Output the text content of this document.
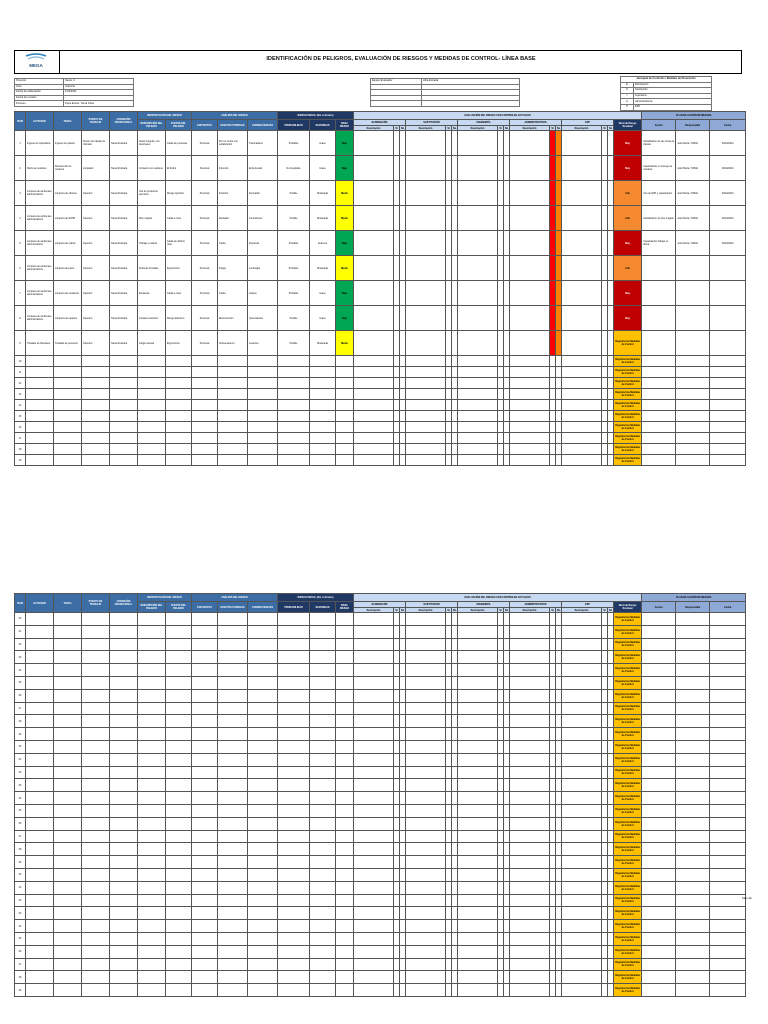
MEGA
IDENTIFICACIÓN DE PELIGROS, EVALUACIÓN DE RIESGOS Y MEDIDAS DE CONTROL- LÍNEA BASE
Proyecto	Nexus 4
Área	Industria
Fecha de elaboración	1/03/2021
Fecha de revisión	-
Proceso	Pupa Extrac. Tierra Chas
Equipo Evaluador	Alfra Entrada

Jerarquía de Controles / Medidas de Prevención	
E	Eliminación
S	Sustitución
I	Ingeniería
A	Administrativos
P	EPP
ITEM	ACTIVIDAD	TAREA	PUESTO DE TRABAJO	CONDICIÓN OPERACIONAL	IDENTIFICACIÓN DEL RIESGO		ANÁLISIS DEL RIESGO			RIESGO INICIAL (Sin controles)			EVALUACIÓN DEL RIESGO CON CONTROLES ACTUALES																PLAN DE ACCIÓN DE MEJORA		
					DESCRIPCIÓN DEL PELIGRO	FUENTE DEL PELIGRO	EXPUESTOS	EFECTOS POSIBLES	CONSECUENCIAS	PROBABILIDAD	SEVERIDAD	NIVEL RIESGO	ELIMINACIÓN			SUSTITUCIÓN			INGENIERÍA			ADMINISTRATIVOS			EPP			Nivel de Riesgo Residual	Acción	Responsable	Fecha
													Descripción	Sí	No	Descripción	Sí	No	Descripción	Sí	No	Descripción	Sí	No	Descripción	Sí	No				
1	Ingreso de Operadora	Ingreso a la planta	Puesto de trabajo de Ubicado	Tarea Rutinaria	Suelo irregular, con desniveles	Caída de personas	Personal	Por no contar con señalización	Traumatismo	Probable	Grave	Bajo																Muy	Señalización de las zonas de tránsito	Jefe Planta / SSMA	30/04/2021
2	Retiro de residuos	Recolección de residuos	Limpiador	Tarea Rutinaria	Contacto con residuos	El Retiro	Personal	Infección	Enfermedad	No Aceptable	Grave	Bajo																Muy	Capacitación en manejo de residuos	Jefe Planta / SSMA	30/04/2021
3	Limpieza de ambientes administrativos	Limpieza de oficinas	Operario	Tarea Rutinaria	Uso de productos químicos	Riesgo Químico	Personal	Irritación	Dermatitis	Posible	Moderada	Medio																Alto	Uso de EPP y capacitación	Jefe Planta / SSMA	30/04/2021
4	Limpieza de ambientes administrativos	Limpieza de SSHH	Operario	Tarea Rutinaria	Piso mojado	Caída a nivel	Personal	Resbalón	Contusiones	Posible	Moderada	Medio																Alto	Señalización de piso mojado	Jefe Planta / SSMA	30/04/2021
5	Limpieza de ambientes administrativos	Limpieza de vidrios	Operario	Tarea Rutinaria	Trabajo en altura	Caída de distinto nivel	Personal	Caída	Fracturas	Probable	Extrema	Bajo																Muy	Capacitación trabajo en altura	Jefe Planta / SSMA	30/04/2021
6	Limpieza de ambientes administrativos	Limpieza de pisos	Operario	Tarea Rutinaria	Posturas forzadas	Ergonómico	Personal	Fatiga	Lumbalgia	Probable	Moderada	Medio																Alto			
7	Limpieza de ambientes administrativos	Limpieza de escaleras	Operario	Tarea Rutinaria	Escaleras	Caída a nivel	Personal	Caída	Golpes	Probable	Grave	Bajo																Muy			
8	Limpieza de ambientes administrativos	Limpieza de equipos	Operario	Tarea Rutinaria	Contacto eléctrico	Riesgo Eléctrico	Personal	Electrocución	Quemaduras	Posible	Grave	Bajo																Muy			
9	Traslado de Residuos	Traslado de personal	Operario	Tarea Rutinaria	Carga manual	Ergonómico	Personal	Sobreesfuerzo	Lesiones	Posible	Moderada	Medio																Registrar las Medidas de Control			
10																												Registrar las Medidas de Control			
11																												Registrar las Medidas de Control			
12																												Registrar las Medidas de Control			
13																												Registrar las Medidas de Control			
14																												Registrar las Medidas de Control			
15																												Registrar las Medidas de Control			
16																												Registrar las Medidas de Control			
17																												Registrar las Medidas de Control			
18																												Registrar las Medidas de Control			
19																												Registrar las Medidas de Control			
ITEM	ACTIVIDAD	TAREA	PUESTO DE TRABAJO	CONDICIÓN OPERACIONAL	IDENTIFICACIÓN DEL RIESGO		ANÁLISIS DEL RIESGO			RIESGO INICIAL (Sin controles)			EVALUACIÓN DEL RIESGO CON CONTROLES ACTUALES																PLAN DE ACCIÓN DE MEJORA		
					DESCRIPCIÓN DEL PELIGRO	FUENTE DEL PELIGRO	EXPUESTOS	EFECTOS POSIBLES	CONSECUENCIAS	PROBABILIDAD	SEVERIDAD	NIVEL RIESGO	ELIMINACIÓN			SUSTITUCIÓN			INGENIERÍA			ADMINISTRATIVOS			EPP			Nivel de Riesgo Residual	Acción	Responsable	Fecha
													Descripción	Sí	No	Descripción	Sí	No	Descripción	Sí	No	Descripción	Sí	No	Descripción	Sí	No				
20																												Registrar las Medidas de Control			
21																												Registrar las Medidas de Control			
22																												Registrar las Medidas de Control			
23																												Registrar las Medidas de Control			
24																												Registrar las Medidas de Control			
25																												Registrar las Medidas de Control			
26																												Registrar las Medidas de Control			
27																												Registrar las Medidas de Control			
28																												Registrar las Medidas de Control			
29																												Registrar las Medidas de Control			
30																												Registrar las Medidas de Control			
31																												Registrar las Medidas de Control			
32																												Registrar las Medidas de Control			
33																												Registrar las Medidas de Control			
34																												Registrar las Medidas de Control			
35																												Registrar las Medidas de Control			
36																												Registrar las Medidas de Control			
37																												Registrar las Medidas de Control			
38																												Registrar las Medidas de Control			
39																												Registrar las Medidas de Control			
40																												Registrar las Medidas de Control			
41																												Registrar las Medidas de Control			
42																												Registrar las Medidas de Control			
43																												Registrar las Medidas de Control			
44																												Registrar las Medidas de Control			
45																												Registrar las Medidas de Control			
46																												Registrar las Medidas de Control			
47																												Registrar las Medidas de Control			
48																												Registrar las Medidas de Control			
49																												Registrar las Medidas de Control			
Mas ab
